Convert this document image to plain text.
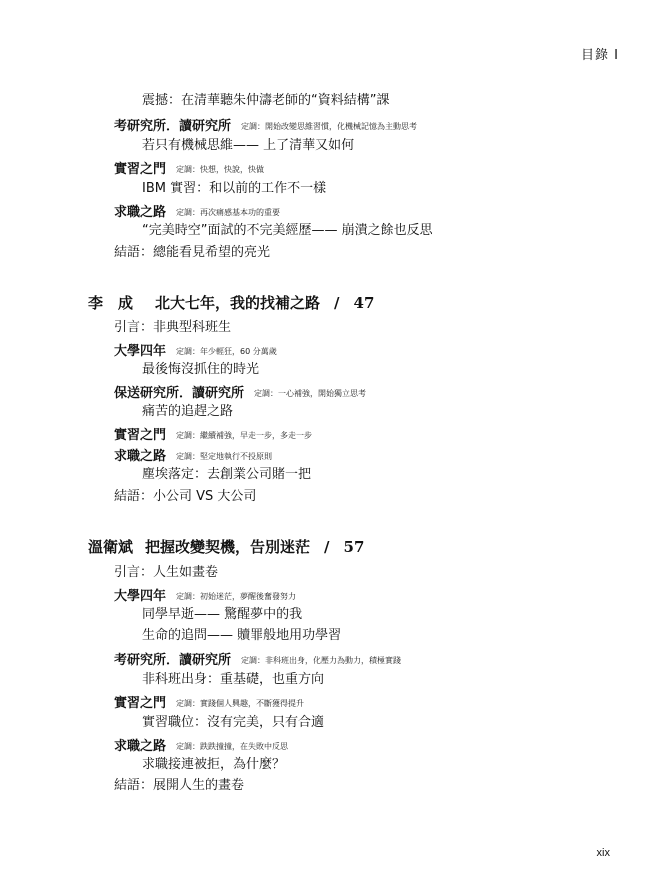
目錄 I
震撼：在清華聽朱仲濤老師的“資料結構”課
考研究所．讀研究所 定調：開始改變思維習慣，化機械記憶為主動思考
若只有機械思維—— 上了清華又如何
實習之門 定調：快想，快說，快做
IBM 實習：和以前的工作不一樣
求職之路 定調：再次痛感基本功的重要
“完美時空”面試的不完美經歷—— 崩潰之餘也反思
結語：總能看見希望的亮光
李　成 北大七年，我的找補之路 / 47
引言：非典型科班生
大學四年 定調：年少輕狂，60 分萬歲
最後悔沒抓住的時光
保送研究所．讀研究所 定調：一心補強，開始獨立思考
痛苦的追趕之路
實習之門 定調：繼續補強，早走一步，多走一步
求職之路 定調：堅定地執行不投原則
塵埃落定：去創業公司賭一把
結語：小公司 VS 大公司
溫衛斌 把握改變契機，告別迷茫 / 57
引言：人生如畫卷
大學四年 定調：初始迷茫，夢醒後奮發努力
同學早逝—— 驚醒夢中的我
生命的追問—— 贖罪般地用功學習
考研究所．讀研究所 定調：非科班出身，化壓力為動力，積極實踐
非科班出身：重基礎，也重方向
實習之門 定調：實踐個人興趣，不斷獲得提升
實習職位：沒有完美，只有合適
求職之路 定調：跌跌撞撞，在失敗中反思
求職接連被拒，為什麼？
結語：展開人生的畫卷
xix
